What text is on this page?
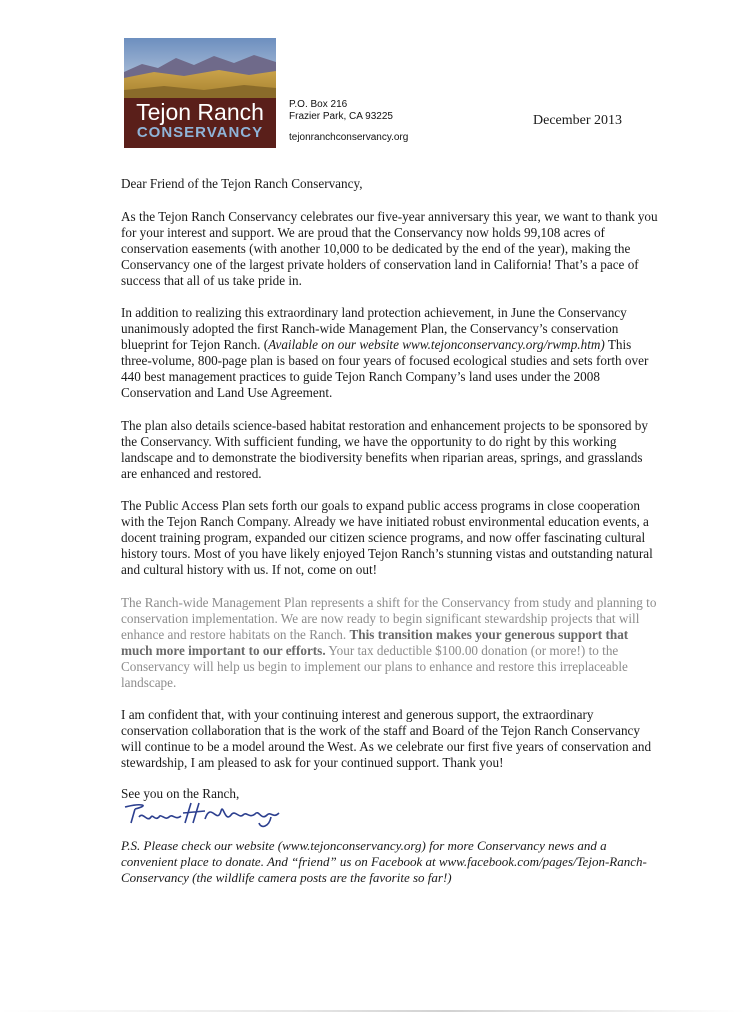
Tejon Ranch
CONSERVANCY
P.O. Box 216
Frazier Park, CA 93225
tejonranchconservancy.org
December 2013

Dear Friend of the Tejon Ranch Conservancy,

As the Tejon Ranch Conservancy celebrates our five-year anniversary this year, we want to thank you for your interest and support. We are proud that the Conservancy now holds 99,108 acres of conservation easements (with another 10,000 to be dedicated by the end of the year), making the Conservancy one of the largest private holders of conservation land in California! That’s a pace of success that all of us take pride in.

In addition to realizing this extraordinary land protection achievement, in June the Conservancy unanimously adopted the first Ranch-wide Management Plan, the Conservancy’s conservation blueprint for Tejon Ranch. (Available on our website www.tejonconservancy.org/rwmp.htm) This three-volume, 800-page plan is based on four years of focused ecological studies and sets forth over 440 best management practices to guide Tejon Ranch Company’s land uses under the 2008 Conservation and Land Use Agreement.

The plan also details science-based habitat restoration and enhancement projects to be sponsored by the Conservancy. With sufficient funding, we have the opportunity to do right by this working landscape and to demonstrate the biodiversity benefits when riparian areas, springs, and grasslands are enhanced and restored.

The Public Access Plan sets forth our goals to expand public access programs in close cooperation with the Tejon Ranch Company. Already we have initiated robust environmental education events, a docent training program, expanded our citizen science programs, and now offer fascinating cultural history tours. Most of you have likely enjoyed Tejon Ranch’s stunning vistas and outstanding natural and cultural history with us. If not, come on out!

The Ranch-wide Management Plan represents a shift for the Conservancy from study and planning to conservation implementation. We are now ready to begin significant stewardship projects that will enhance and restore habitats on the Ranch. This transition makes your generous support that much more important to our efforts. Your tax deductible $100.00 donation (or more!) to the Conservancy will help us begin to implement our plans to enhance and restore this irreplaceable landscape.

I am confident that, with your continuing interest and generous support, the extraordinary conservation collaboration that is the work of the staff and Board of the Tejon Ranch Conservancy will continue to be a model around the West. As we celebrate our first five years of conservation and stewardship, I am pleased to ask for your continued support. Thank you!

See you on the Ranch,

P.S. Please check our website (www.tejonconservancy.org) for more Conservancy news and a convenient place to donate. And “friend” us on Facebook at www.facebook.com/pages/Tejon-Ranch-Conservancy (the wildlife camera posts are the favorite so far!)
